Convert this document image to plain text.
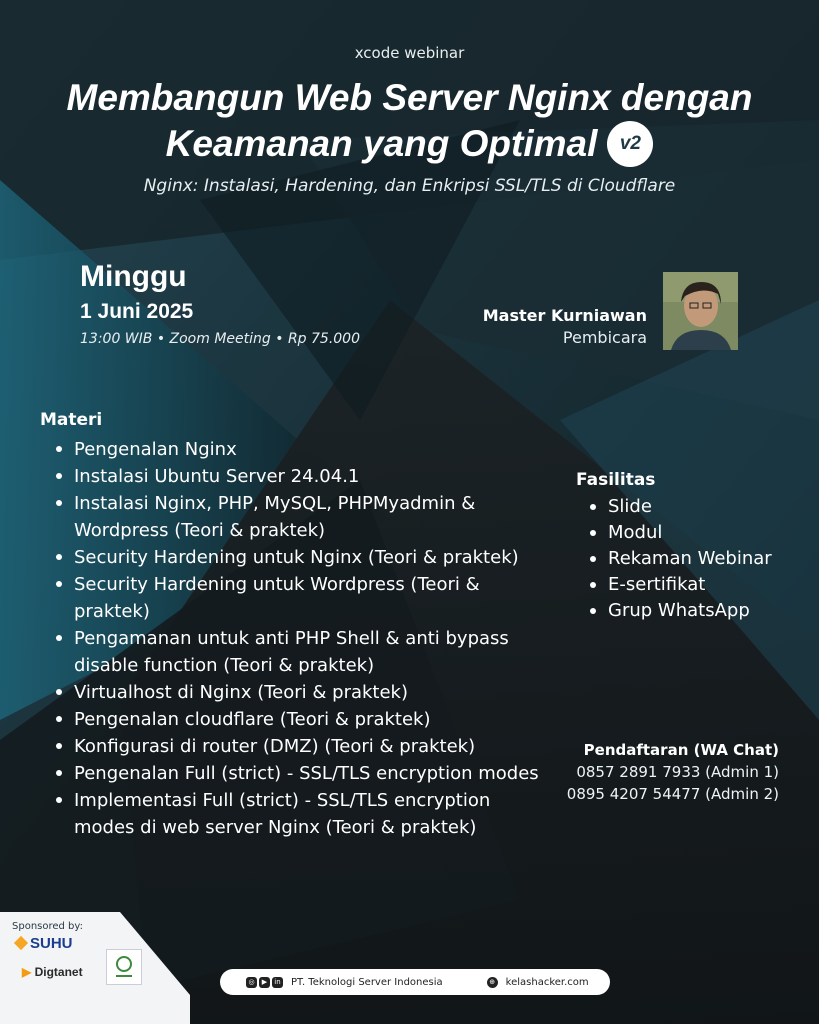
xcode webinar
Membangun Web Server Nginx dengan
Keamanan yang Optimal	v2
Nginx: Instalasi, Hardening, dan Enkripsi SSL/TLS di Cloudflare
Minggu
1 Juni 2025
13:00 WIB • Zoom Meeting • Rp 75.000
Master Kurniawan
Pembicara
Materi
Pengenalan Nginx
Instalasi Ubuntu Server 24.04.1
Instalasi Nginx, PHP, MySQL, PHPMyadmin & Wordpress (Teori & praktek)
Security Hardening untuk Nginx (Teori & praktek)
Security Hardening untuk Wordpress (Teori & praktek)
Pengamanan untuk anti PHP Shell & anti bypass disable function (Teori & praktek)
Virtualhost di Nginx (Teori & praktek)
Pengenalan cloudflare (Teori & praktek)
Konfigurasi di router (DMZ) (Teori & praktek)
Pengenalan Full (strict) - SSL/TLS encryption modes
Implementasi Full (strict) - SSL/TLS encryption modes di web server Nginx (Teori & praktek)
Fasilitas
Slide
Modul
Rekaman Webinar
E-sertifikat
Grup WhatsApp
Pendaftaran (WA Chat)
0857 2891 7933 (Admin 1)
0895 4207 54477 (Admin 2)
Sponsored by:
SUHU
▶ Digtanet
◎	▶	in PT. Teknologi Server Indonesia	⊕ kelashacker.com
